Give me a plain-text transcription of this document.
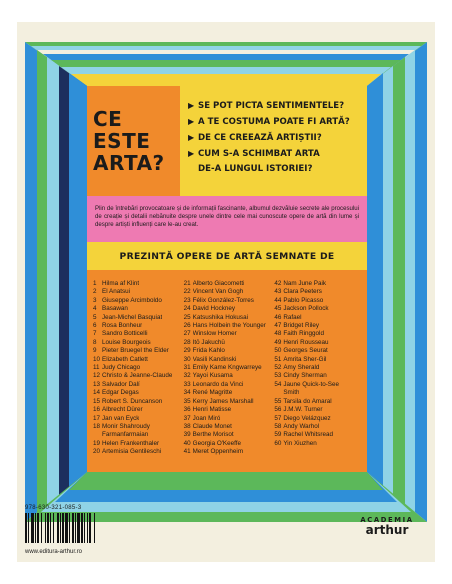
CE
ESTE
ARTA?
▶ SE POT PICTA SENTIMENTELE?
▶ A TE COSTUMA POATE FI ARTĂ?
▶ DE CE CREEAZĂ ARTIȘTII?
▶ CUM S-A SCHIMBAT ARTA
DE-A LUNGUL ISTORIEI?
Plin de întrebări provocatoare și de informații fascinante, albumul dezvăluie secrete ale procesului de creație și detalii nebănuite despre unele dintre cele mai cunoscute opere de artă din lume și despre artiști influenți care le-au creat.
PREZINTĂ OPERE DE ARTĂ SEMNATE DE
1 Hilma af Klint
2 El Anatsui
3 Giuseppe Arcimboldo
4 Basawan
5 Jean-Michel Basquiat
6 Rosa Bonheur
7 Sandro Botticelli
8 Louise Bourgeois
9 Pieter Bruegel the Elder
10 Elizabeth Catlett
11 Judy Chicago
12 Christo & Jeanne-Claude
13 Salvador Dalí
14 Edgar Degas
15 Robert S. Duncanson
16 Albrecht Dürer
17 Jan van Eyck
18 Monir Shahroudy
Farmanfarmaian
19 Helen Frankenthaler
20 Artemisia Gentileschi
21 Alberto Giacometti
22 Vincent Van Gogh
23 Félix González-Torres
24 David Hockney
25 Katsushika Hokusai
26 Hans Holbein the Younger
27 Winslow Homer
28 Itō Jakuchū
29 Frida Kahlo
30 Vasili Kandinski
31 Emily Kame Kngwarreye
32 Yayoi Kusama
33 Leonardo da Vinci
34 René Magritte
35 Kerry James Marshall
36 Henri Matisse
37 Joan Miró
38 Claude Monet
39 Berthe Morisot
40 Georgia O'Keeffe
41 Meret Oppenheim
42 Nam June Paik
43 Clara Peeters
44 Pablo Picasso
45 Jackson Pollock
46 Rafael
47 Bridget Riley
48 Faith Ringgold
49 Henri Rousseau
50 Georges Seurat
51 Amrita Sher-Gil
52 Amy Sherald
53 Cindy Sherman
54 Jaune Quick-to-See
Smith
55 Tarsila do Amaral
56 J.M.W. Turner
57 Diego Velázquez
58 Andy Warhol
59 Rachel Whitsread
60 Yin Xiuzhen
978-630-321-085-3
www.editura-arthur.ro
ACADEMIA
arthur
